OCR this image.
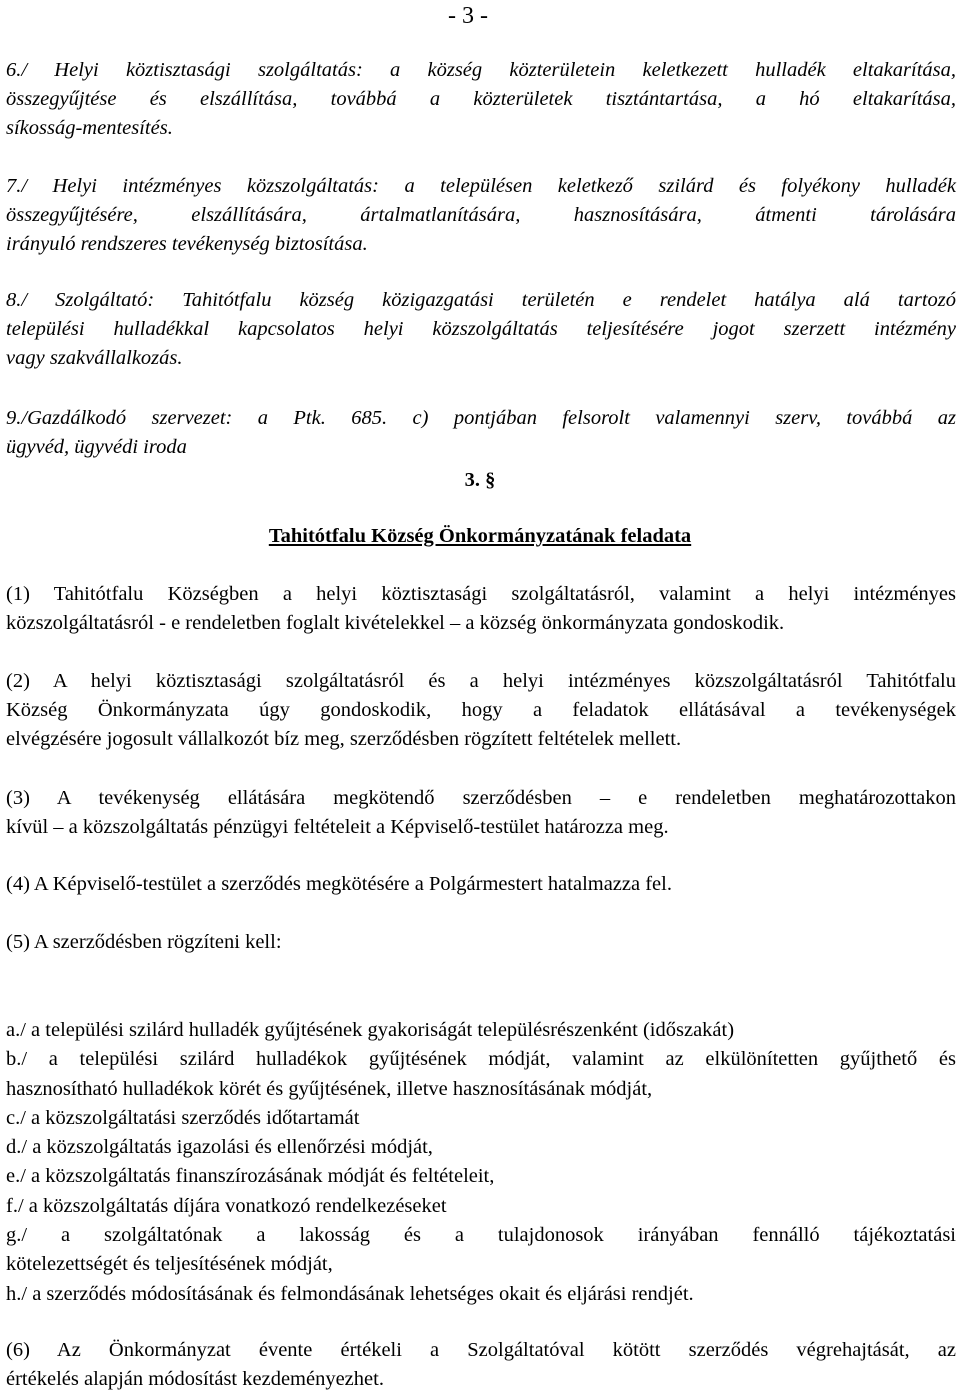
- 3 -
6./ Helyi köztisztasági szolgáltatás: a község közterületein keletkezett hulladék eltakarítása,
összegyűjtése és elszállítása, továbbá a közterületek tisztántartása, a hó eltakarítása,
síkosság-mentesítés.
7./ Helyi intézményes közszolgáltatás: a településen keletkező szilárd és folyékony hulladék
összegyűjtésére, elszállítására, ártalmatlanítására, hasznosítására, átmenti tárolására
irányuló rendszeres tevékenység biztosítása.
8./ Szolgáltató: Tahitótfalu község közigazgatási területén e rendelet hatálya alá tartozó
települési hulladékkal kapcsolatos helyi közszolgáltatás teljesítésére jogot szerzett intézmény
vagy szakvállalkozás.
9./Gazdálkodó szervezet: a Ptk. 685. c) pontjában felsorolt valamennyi szerv, továbbá az
ügyvéd, ügyvédi iroda
3. §
Tahitótfalu Község Önkormányzatának feladata
(1) Tahitótfalu Községben a helyi köztisztasági szolgáltatásról, valamint a helyi intézményes
közszolgáltatásról - e rendeletben foglalt kivételekkel – a község önkormányzata gondoskodik.
(2) A helyi köztisztasági szolgáltatásról és a helyi intézményes közszolgáltatásról Tahitótfalu
Község Önkormányzata úgy gondoskodik, hogy a feladatok ellátásával a tevékenységek
elvégzésére jogosult vállalkozót bíz meg, szerződésben rögzített feltételek mellett.
(3) A tevékenység ellátására megkötendő szerződésben – e rendeletben meghatározottakon
kívül – a közszolgáltatás pénzügyi feltételeit a Képviselő-testület határozza meg.
(4) A Képviselő-testület a szerződés megkötésére a Polgármestert hatalmazza fel.
(5) A szerződésben rögzíteni kell:
a./ a települési szilárd hulladék gyűjtésének gyakoriságát településrészenként (időszakát)
b./ a települési szilárd hulladékok gyűjtésének módját, valamint az elkülönítetten gyűjthető és
hasznosítható hulladékok körét és gyűjtésének, illetve hasznosításának módját,
c./ a közszolgáltatási szerződés időtartamát
d./ a közszolgáltatás igazolási és ellenőrzési módját,
e./ a közszolgáltatás finanszírozásának módját és feltételeit,
f./ a közszolgáltatás díjára vonatkozó rendelkezéseket
g./ a szolgáltatónak a lakosság és a tulajdonosok irányában fennálló tájékoztatási
kötelezettségét és teljesítésének módját,
h./ a szerződés módosításának és felmondásának lehetséges okait és eljárási rendjét.
(6) Az Önkormányzat évente értékeli a Szolgáltatóval kötött szerződés végrehajtását, az
értékelés alapján módosítást kezdeményezhet.
